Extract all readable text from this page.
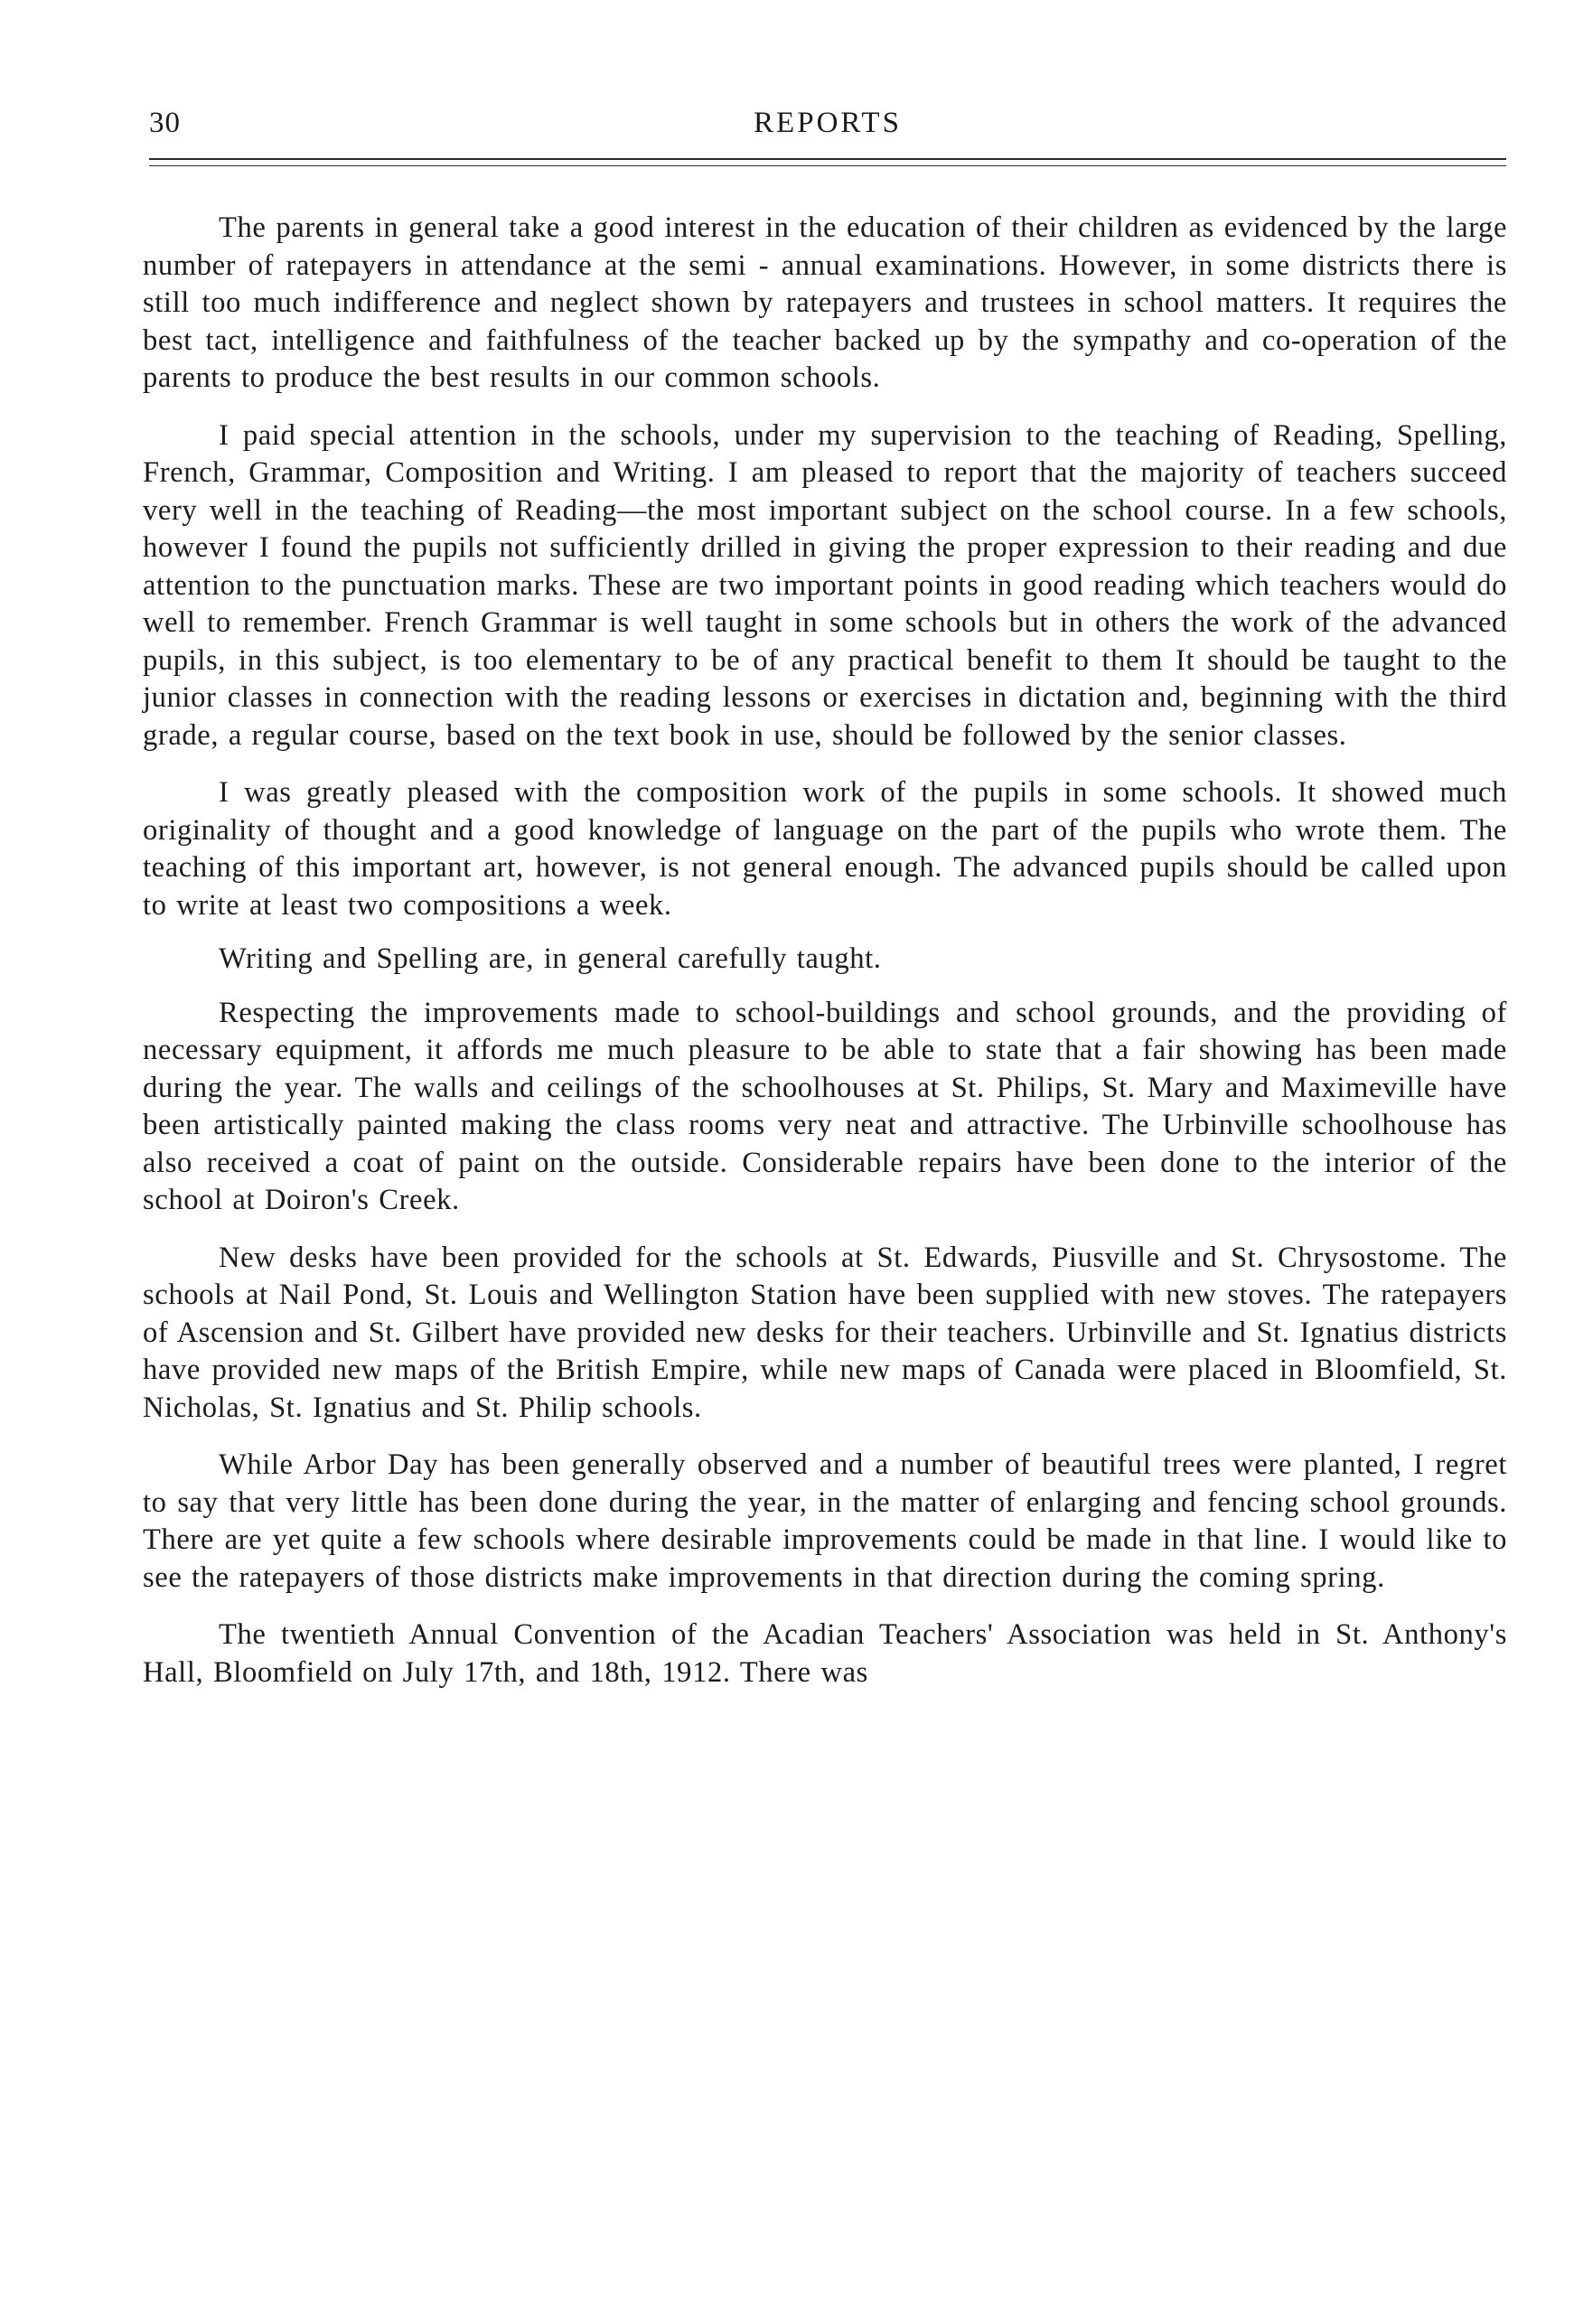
30	REPORTS

The parents in general take a good interest in the education of their children as evidenced by the large number of ratepayers in attendance at the semi - annual examinations. However, in some districts there is still too much indifference and neglect shown by ratepayers and trustees in school matters. It requires the best tact, intelligence and faithfulness of the teacher backed up by the sympathy and co-operation of the parents to produce the best results in our common schools.

I paid special attention in the schools, under my supervision to the teaching of Reading, Spelling, French, Grammar, Composition and Writing. I am pleased to report that the majority of teachers succeed very well in the teaching of Reading—the most important subject on the school course. In a few schools, however I found the pupils not sufficiently drilled in giving the proper expression to their reading and due attention to the punctuation marks. These are two important points in good reading which teachers would do well to remember. French Grammar is well taught in some schools but in others the work of the advanced pupils, in this subject, is too elementary to be of any practical benefit to them It should be taught to the junior classes in connection with the reading lessons or exercises in dictation and, beginning with the third grade, a regular course, based on the text book in use, should be followed by the senior classes.

I was greatly pleased with the composition work of the pupils in some schools. It showed much originality of thought and a good knowledge of language on the part of the pupils who wrote them. The teaching of this important art, however, is not general enough. The advanced pupils should be called upon to write at least two compositions a week.

Writing and Spelling are, in general carefully taught.

Respecting the improvements made to school-buildings and school grounds, and the providing of necessary equipment, it affords me much pleasure to be able to state that a fair showing has been made during the year. The walls and ceilings of the schoolhouses at St. Philips, St. Mary and Maximeville have been artistically painted making the class rooms very neat and attractive. The Urbinville schoolhouse has also received a coat of paint on the outside. Considerable repairs have been done to the interior of the school at Doiron's Creek.

New desks have been provided for the schools at St. Edwards, Piusville and St. Chrysostome. The schools at Nail Pond, St. Louis and Wellington Station have been supplied with new stoves. The ratepayers of Ascension and St. Gilbert have provided new desks for their teachers. Urbinville and St. Ignatius districts have provided new maps of the British Empire, while new maps of Canada were placed in Bloomfield, St. Nicholas, St. Ignatius and St. Philip schools.

While Arbor Day has been generally observed and a number of beautiful trees were planted, I regret to say that very little has been done during the year, in the matter of enlarging and fencing school grounds. There are yet quite a few schools where desirable improvements could be made in that line. I would like to see the ratepayers of those districts make improvements in that direction during the coming spring.

The twentieth Annual Convention of the Acadian Teachers' Association was held in St. Anthony's Hall, Bloomfield on July 17th, and 18th, 1912. There was
